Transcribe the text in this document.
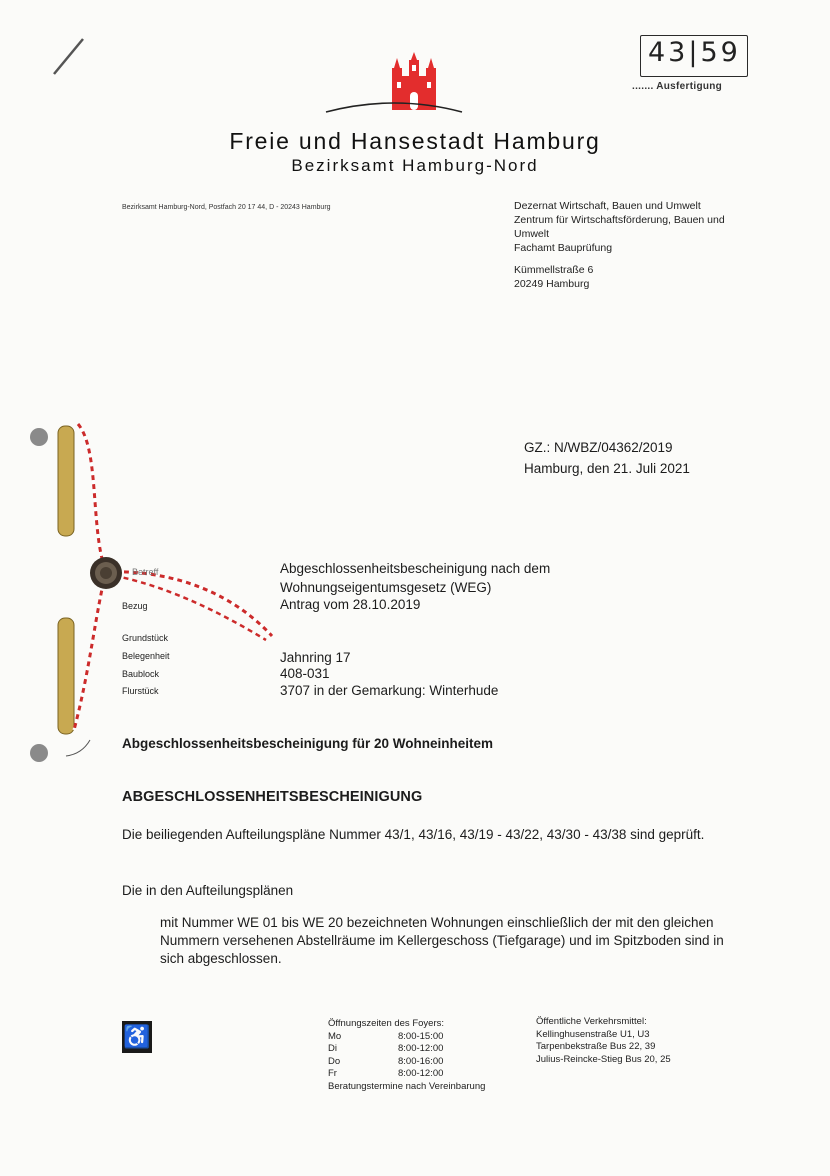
Freie und Hansestadt Hamburg
Bezirksamt Hamburg-Nord
43|59
....... Ausfertigung
Bezirksamt Hamburg-Nord, Postfach 20 17 44, D - 20243 Hamburg	Dezernat Wirtschaft, Bauen und Umwelt
Zentrum für Wirtschaftsförderung, Bauen und
Umwelt
Fachamt Bauprüfung
Kümmellstraße 6
20249 Hamburg
GZ.: N/WBZ/04362/2019
Hamburg, den 21. Juli 2021
Betreff	Abgeschlossenheitsbescheinigung nach dem
Wohnungseigentumsgesetz (WEG)
Bezug	Antrag vom 28.10.2019
Grundstück
Belegenheit	Jahnring 17
Baublock	408-031
Flurstück	3707 in der Gemarkung: Winterhude
Abgeschlossenheitsbescheinigung für 20 Wohneinheitem
ABGESCHLOSSENHEITSBESCHEINIGUNG
Die beiliegenden Aufteilungspläne Nummer 43/1, 43/16, 43/19 - 43/22, 43/30 - 43/38 sind geprüft.
Die in den Aufteilungsplänen
mit Nummer WE 01 bis WE 20 bezeichneten Wohnungen einschließlich der mit den gleichen Nummern versehenen Abstellräume im Kellergeschoss (Tiefgarage) und im Spitzboden sind in sich abgeschlossen.
♿
Öffnungszeiten des Foyers:
Mo	8:00-15:00
Di	8:00-12:00
Do	8:00-16:00
Fr	8:00-12:00
Beratungstermine nach Vereinbarung
Öffentliche Verkehrsmittel:
Kellinghusenstraße U1, U3
Tarpenbekstraße Bus 22, 39
Julius-Reincke-Stieg Bus 20, 25
